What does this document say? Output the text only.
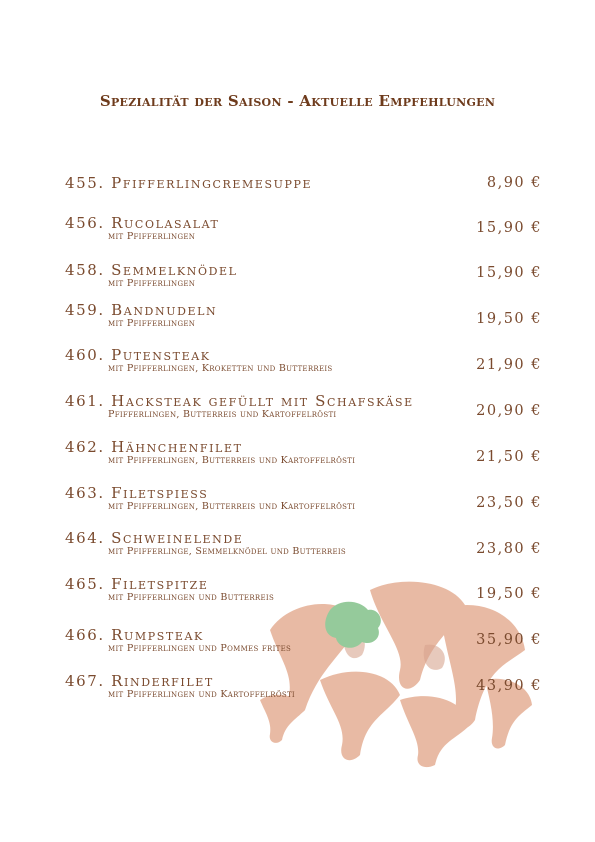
Spezialität der Saison - Aktuelle Empfehlungen
455. Pfifferlingcremesuppe	8,90 €
456. Rucolasalat
mit Pfifferlingen
15,90 €
458. Semmelknödel
mit Pfifferlingen
15,90 €
459. Bandnudeln
mit Pfifferlingen	19,50 €
460. Putensteak
mit Pfifferlingen, Kroketten und Butterreis	21,90 €
461. Hacksteak gefüllt mit Schafskäse
Pfifferlingen, Butterreis und Kartoffelrösti	20,90 €
462. Hähnchenfilet
mit Pfifferlingen, Butterreis und Kartoffelrösti	21,50 €
463. Filetspiess
mit Pfifferlingen, Butterreis und Kartoffelrösti	23,50 €
464. Schweinelende
mit Pfifferlinge, Semmelknödel und Butterreis	23,80 €
465. Filetspitze
mit Pfifferlingen und Butterreis	19,50 €
466. Rumpsteak
mit Pfifferlingen und Pommes frites
35,90 €
467. Rinderfilet
mit Pfifferlingen und Kartoffelrösti
43,90 €
